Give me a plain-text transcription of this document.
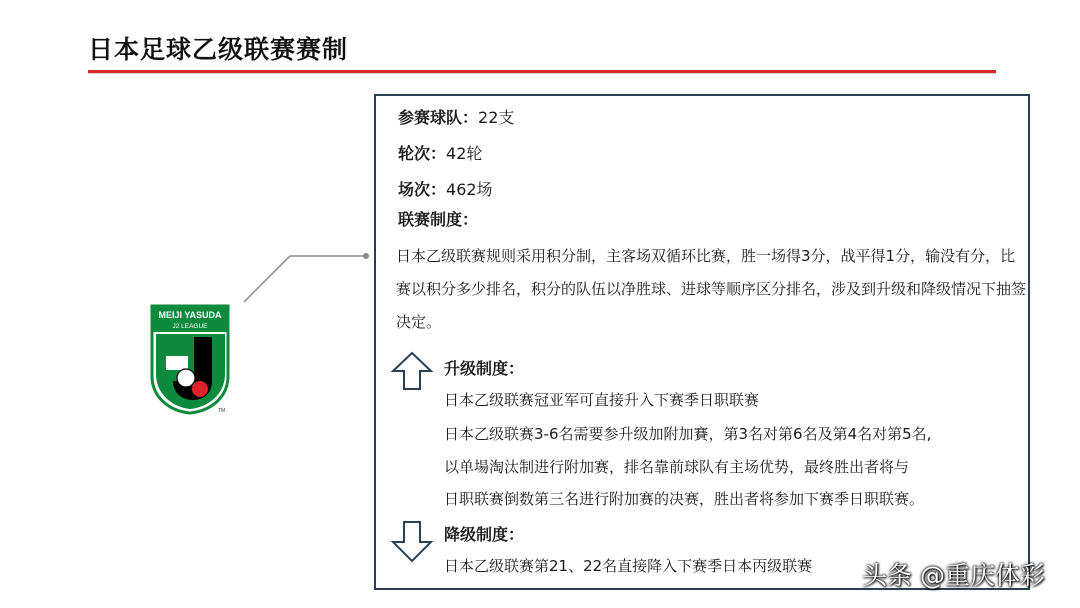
日本足球乙级联赛赛制
MEIJI YASUDA
J2 LEAGUE
TM
参赛球队：22支
轮次：42轮
场次：462场
联赛制度：
日本乙级联赛规则采用积分制，主客场双循环比赛，胜一场得3分，战平得1分，输没有分，比赛以积分多少排名，积分的队伍以净胜球、进球等顺序区分排名，涉及到升级和降级情况下抽签决定。
升级制度：
日本乙级联赛冠亚军可直接升入下赛季日职联赛
日本乙级联赛3-6名需要参升级加附加賽，第3名对第6名及第4名对第5名,
以单場淘汰制进行附加赛，排名靠前球队有主场优势，最终胜出者将与
日职联赛倒数第三名进行附加赛的决赛，胜出者将参加下赛季日职联赛。
降级制度：
日本乙级联赛第21、22名直接降入下赛季日本丙级联赛 头条 @重庆体彩
